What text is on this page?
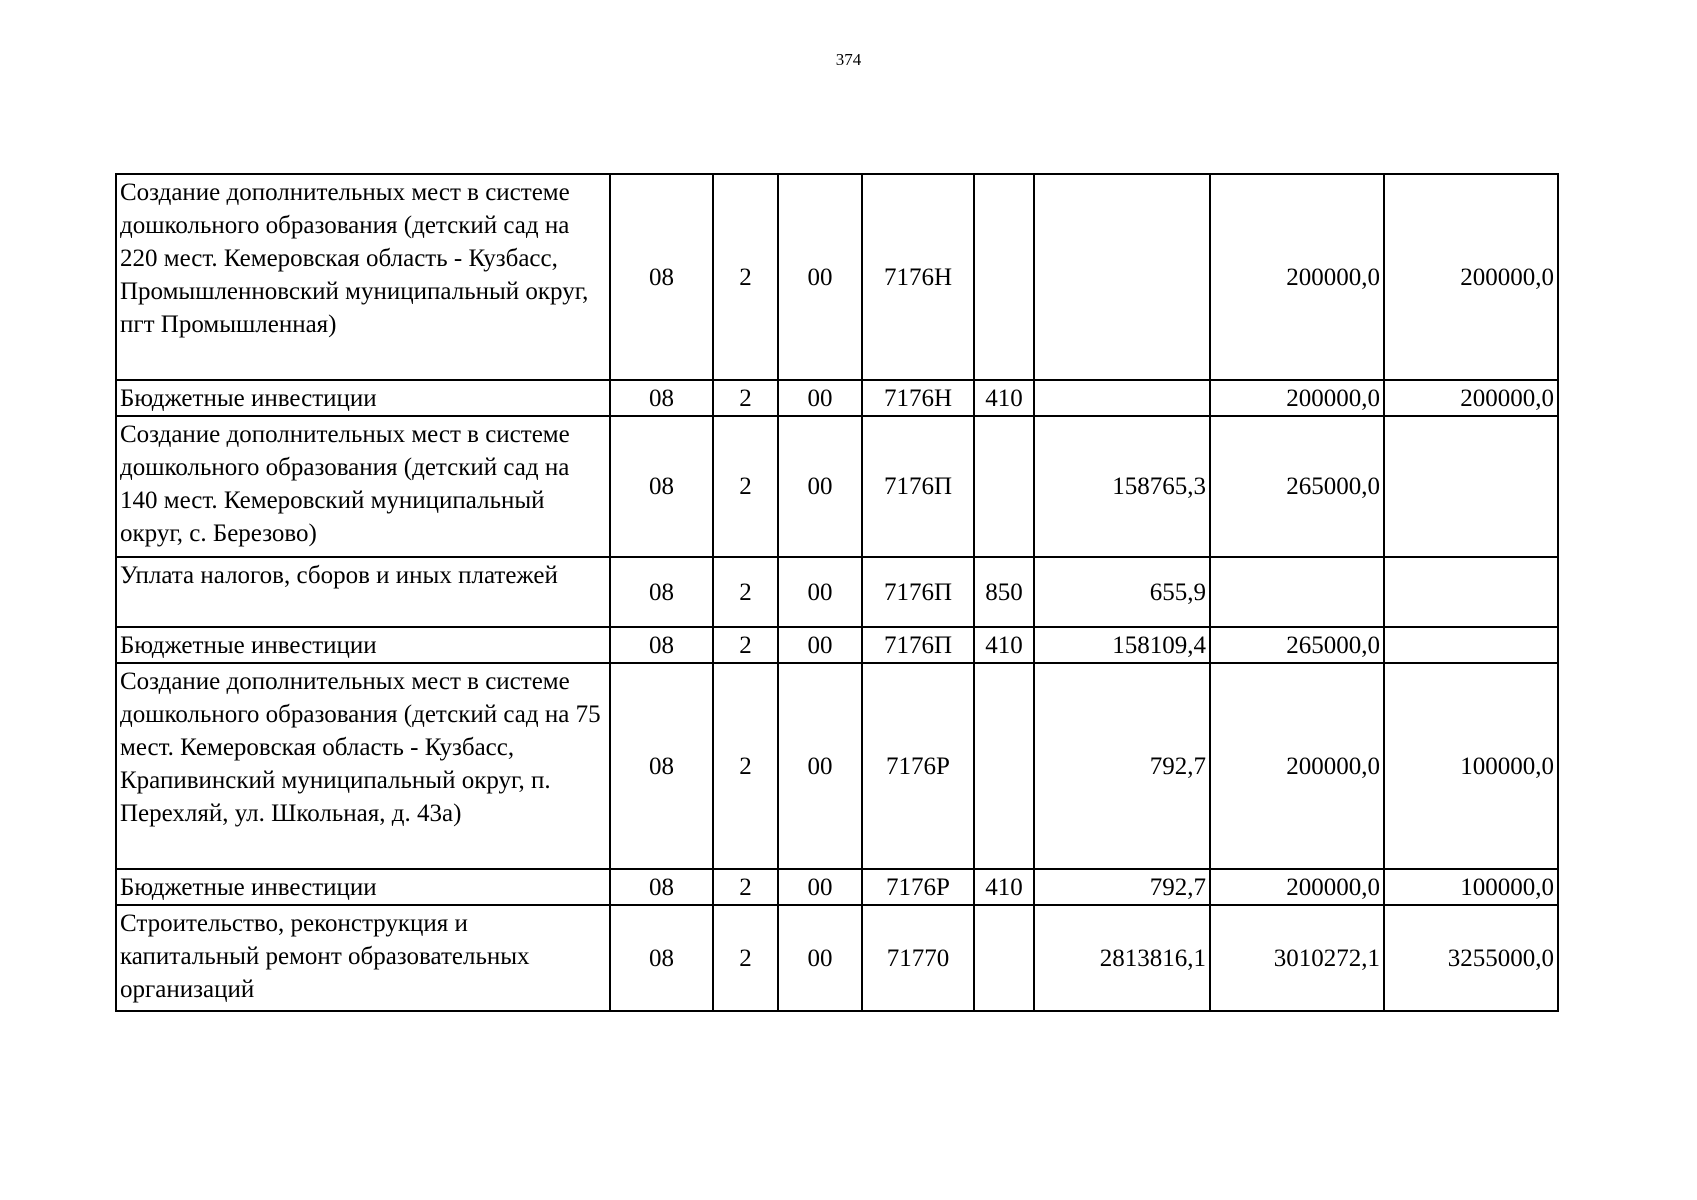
374
Создание дополнительных мест в системе дошкольного образования (детский сад на 220 мест. Кемеровская область - Кузбасс, Промышленновский муниципальный округ, пгт Промышленная)	08	2	00	7176Н			200000,0	200000,0
Бюджетные инвестиции	08	2	00	7176Н	410		200000,0	200000,0
Создание дополнительных мест в системе дошкольного образования (детский сад на 140 мест. Кемеровский муниципальный округ, с. Березово)	08	2	00	7176П		158765,3	265000,0	
Уплата налогов, сборов и иных платежей	08	2	00	7176П	850	655,9		
Бюджетные инвестиции	08	2	00	7176П	410	158109,4	265000,0	
Создание дополнительных мест в системе дошкольного образования (детский сад на 75 мест. Кемеровская область - Кузбасс, Крапивинский муниципальный округ, п. Перехляй, ул. Школьная, д. 43а)	08	2	00	7176Р		792,7	200000,0	100000,0
Бюджетные инвестиции	08	2	00	7176Р	410	792,7	200000,0	100000,0
Строительство, реконструкция и капитальный ремонт образовательных организаций	08	2	00	71770		2813816,1	3010272,1	3255000,0
